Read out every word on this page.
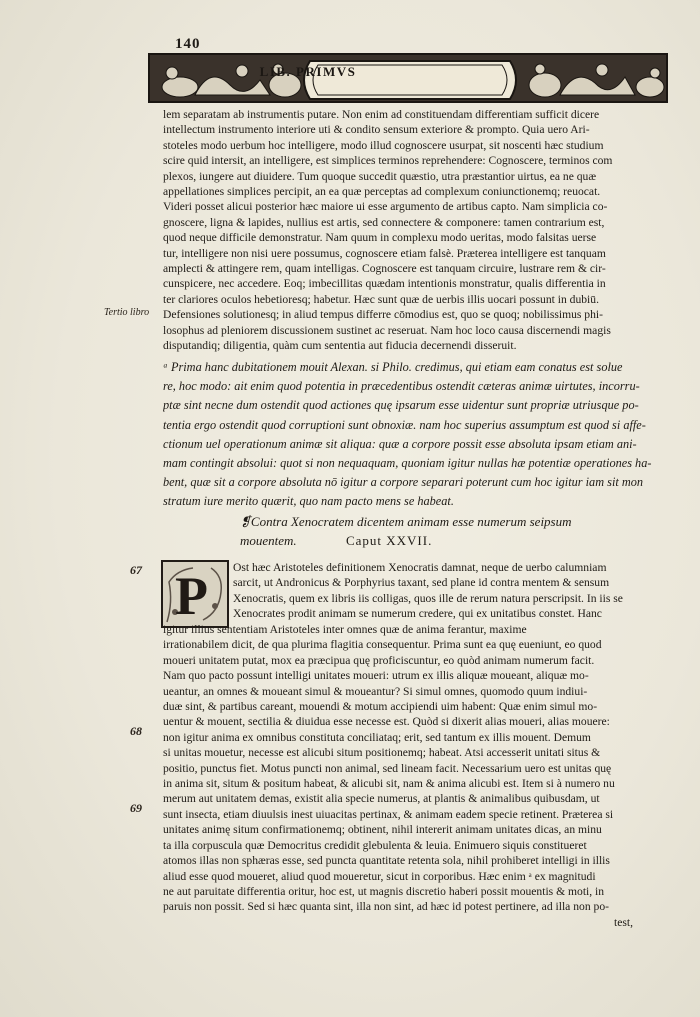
140
LIB. PRIMVS
lem separatam ab instrumentis putare. Non enim ad constituendam differentiam sufficit dicere
intellectum instrumento interiore uti & condito sensum exteriore & prompto. Quia uero Ari-
stoteles modo uerbum hoc intelligere, modo illud cognoscere usurpat, sit noscenti hæc studium
scire quid intersit, an intelligere, est simplices terminos reprehendere: Cognoscere, terminos com
plexos, iungere aut diuidere. Tum quoque succedit quæstio, utra præstantior uirtus, ea ne quæ
appellationes simplices percipit, an ea quæ perceptas ad complexum coniunctionemq; reuocat.
Videri posset alicui posterior hæc maiore ui esse argumento de artibus capto. Nam simplicia co-
gnoscere, ligna & lapides, nullius est artis, sed connectere & componere: tamen contrarium est,
quod neque difficile demonstratur. Nam quum in complexu modo ueritas, modo falsitas uerse
tur, intelligere non nisi uere possumus, cognoscere etiam falsè. Præterea intelligere est tanquam
amplecti & attingere rem, quam intelligas. Cognoscere est tanquam circuire, lustrare rem & cir-
cunspicere, nec accedere. Eoq; imbecillitas quædam intentionis monstratur, qualis differentia in
ter clariores oculos hebetioresq; habetur. Hæc sunt quæ de uerbis illis uocari possunt in dubiū.
Defensiones solutionesq; in aliud tempus differre cōmodius est, quo se quoq; nobilissimus phi-
losophus ad pleniorem discussionem sustinet ac reseruat. Nam hoc loco causa discernendi magis
disputandiq; diligentia, quàm cum sententia aut fiducia decernendi disseruit.
Tertio libro
ᵃ Prima hanc dubitationem mouit Alexan. si Philo. credimus, qui etiam eam conatus est solue
re, hoc modo: ait enim quod potentia in præcedentibus ostendit cæteras animæ uirtutes, incorru-
ptæ sint necne dum ostendit quod actiones quę ipsarum esse uidentur sunt propriæ utriusque po-
tentia ergo ostendit quod corruptioni sunt obnoxiæ. nam hoc superius assumptum est quod si affe-
ctionum uel operationum animæ sit aliqua: quæ a corpore possit esse absoluta ipsam etiam ani-
mam contingit absolui: quot si non nequaquam, quoniam igitur nullas hæ potentiæ operationes ha-
bent, quæ sit a corpore absoluta nō igitur a corpore separari poterunt cum hoc igitur iam sit mon
stratum iure merito quærit, quo nam pacto mens se habeat.
❡Contra Xenocratem dicentem animam esse numerum seipsum
mouentem.	Caput XXVII.
P
67
68
69
Ost hæc Aristoteles definitionem Xenocratis damnat, neque de uerbo calumniam
sarcit, ut Andronicus & Porphyrius taxant, sed plane id contra mentem & sensum
Xenocratis, quem ex libris iis colligas, quos ille de rerum natura perscripsit. In iis se
Xenocrates prodit animam se numerum credere, qui ex unitatibus constet. Hanc
igitur illius sententiam Aristoteles inter omnes quæ de anima ferantur, maxime
irrationabilem dicit, de qua plurima flagitia consequentur. Prima sunt ea quę eueniunt, eo quod
moueri unitatem putat, mox ea præcipua quę proficiscuntur, eo quòd animam numerum facit.
Nam quo pacto possunt intelligi unitates moueri: utrum ex illis aliquæ moueant, aliquæ mo-
ueantur, an omnes & moueant simul & moueantur? Si simul omnes, quomodo quum indiui-
duæ sint, & partibus careant, mouendi & motum accipiendi uim habent: Quæ enim simul mo-
uentur & mouent, sectilia & diuidua esse necesse est. Quòd si dixerit alias moueri, alias mouere:
non igitur anima ex omnibus constituta conciliataq; erit, sed tantum ex illis mouent. Demum
si unitas mouetur, necesse est alicubi situm positionemq; habeat. Atsi accesserit unitati situs &
positio, punctus fiet. Motus puncti non animal, sed lineam facit. Necessarium uero est unitas quę
in anima sit, situm & positum habeat, & alicubi sit, nam & anima alicubi est. Item si à numero nu
merum aut unitatem demas, existit alia specie numerus, at plantis & animalibus quibusdam, ut
sunt insecta, etiam diuulsis inest uiuacitas pertinax, & animam eadem specie retinent. Præterea si
unitates animę situm confirmationemq; obtinent, nihil intererit animam unitates dicas, an minu
ta illa corpuscula quæ Democritus credidit glebulenta & leuia. Enimuero siquis constitueret
atomos illas non sphæras esse, sed puncta quantitate retenta sola, nihil prohiberet intelligi in illis
aliud esse quod moueret, aliud quod moueretur, sicut in corporibus. Hæc enim ᵃ ex magnitudi
ne aut paruitate differentia oritur, hoc est, ut magnis discretio haberi possit mouentis & moti, in
paruis non possit. Sed si hæc quanta sint, illa non sint, ad hæc id potest pertinere, ad illa non po-
test,
